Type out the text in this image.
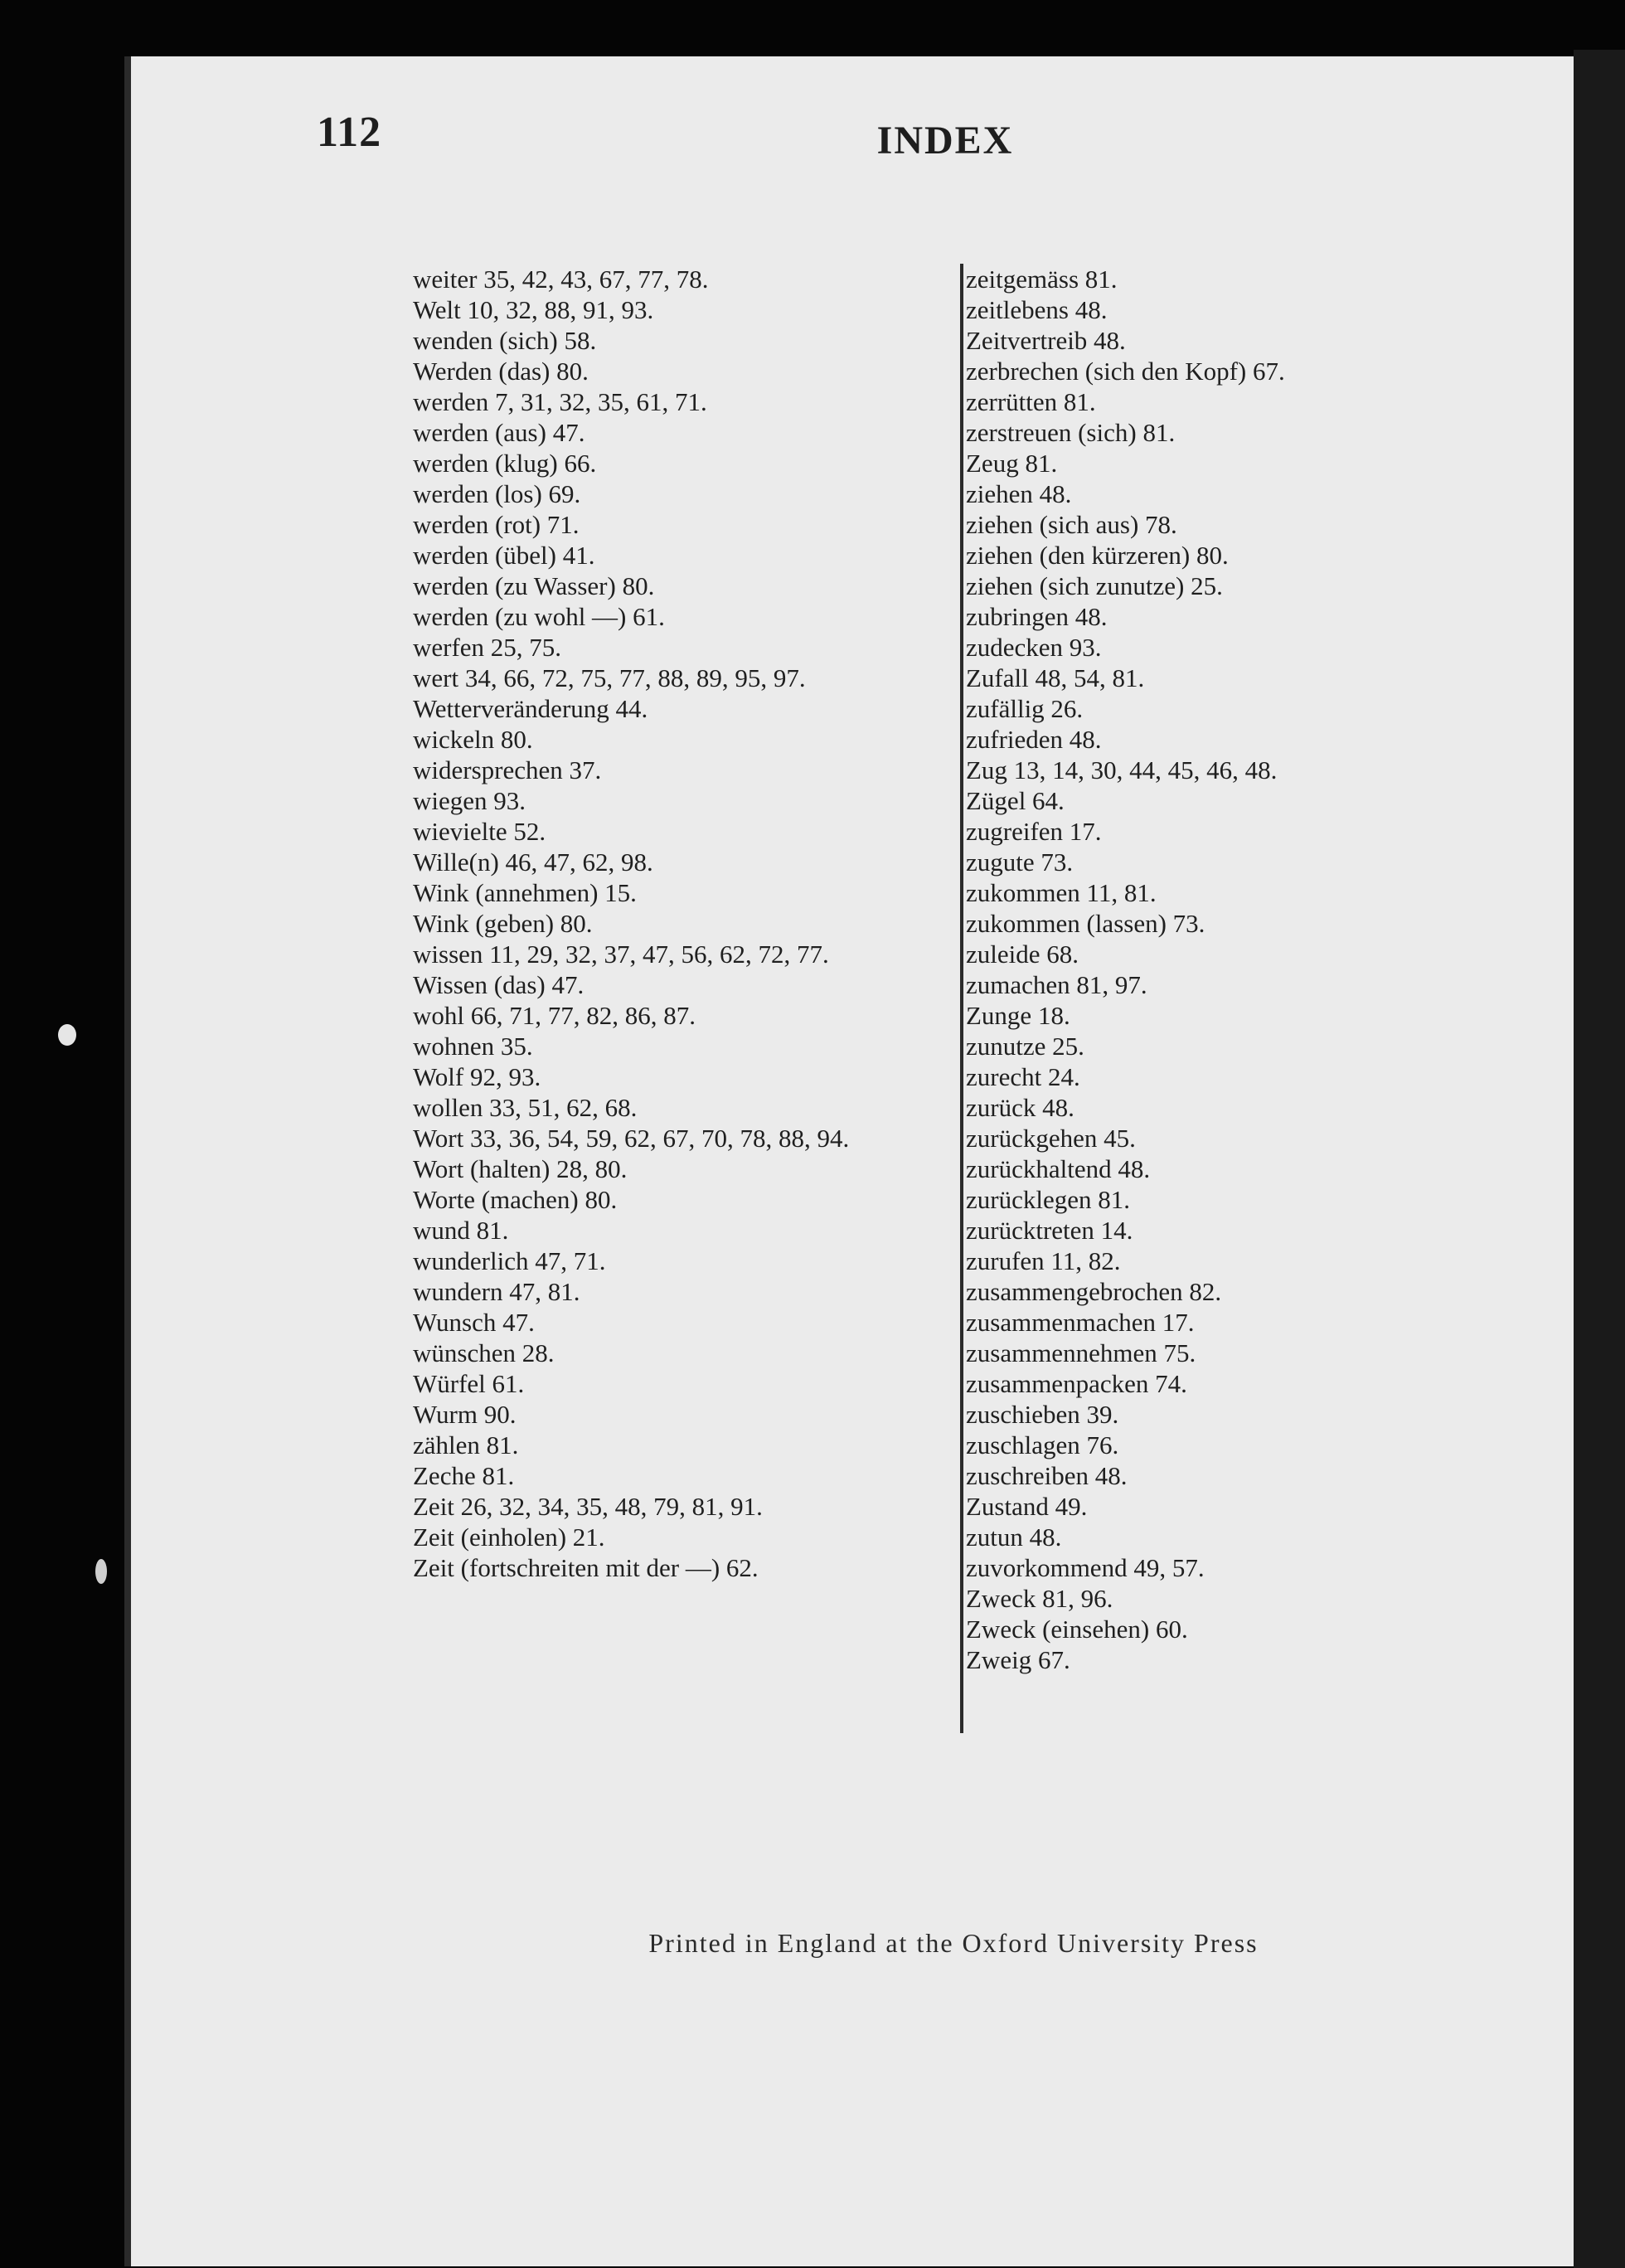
112	INDEX
weiter 35, 42, 43, 67, 77, 78.
Welt 10, 32, 88, 91, 93.
wenden (sich) 58.
Werden (das) 80.
werden 7, 31, 32, 35, 61, 71.
werden (aus) 47.
werden (klug) 66.
werden (los) 69.
werden (rot) 71.
werden (übel) 41.
werden (zu Wasser) 80.
werden (zu wohl —) 61.
werfen 25, 75.
wert 34, 66, 72, 75, 77, 88, 89, 95, 97.
Wetterveränderung 44.
wickeln 80.
widersprechen 37.
wiegen 93.
wievielte 52.
Wille(n) 46, 47, 62, 98.
Wink (annehmen) 15.
Wink (geben) 80.
wissen 11, 29, 32, 37, 47, 56, 62, 72, 77.
Wissen (das) 47.
wohl 66, 71, 77, 82, 86, 87.
wohnen 35.
Wolf 92, 93.
wollen 33, 51, 62, 68.
Wort 33, 36, 54, 59, 62, 67, 70, 78, 88, 94.
Wort (halten) 28, 80.
Worte (machen) 80.
wund 81.
wunderlich 47, 71.
wundern 47, 81.
Wunsch 47.
wünschen 28.
Würfel 61.
Wurm 90.
zählen 81.
Zeche 81.
Zeit 26, 32, 34, 35, 48, 79, 81, 91.
Zeit (einholen) 21.
Zeit (fortschreiten mit der —) 62.
zeitgemäss 81.
zeitlebens 48.
Zeitvertreib 48.
zerbrechen (sich den Kopf) 67.
zerrütten 81.
zerstreuen (sich) 81.
Zeug 81.
ziehen 48.
ziehen (sich aus) 78.
ziehen (den kürzeren) 80.
ziehen (sich zunutze) 25.
zubringen 48.
zudecken 93.
Zufall 48, 54, 81.
zufällig 26.
zufrieden 48.
Zug 13, 14, 30, 44, 45, 46, 48.
Zügel 64.
zugreifen 17.
zugute 73.
zukommen 11, 81.
zukommen (lassen) 73.
zuleide 68.
zumachen 81, 97.
Zunge 18.
zunutze 25.
zurecht 24.
zurück 48.
zurückgehen 45.
zurückhaltend 48.
zurücklegen 81.
zurücktreten 14.
zurufen 11, 82.
zusammengebrochen 82.
zusammenmachen 17.
zusammennehmen 75.
zusammenpacken 74.
zuschieben 39.
zuschlagen 76.
zuschreiben 48.
Zustand 49.
zutun 48.
zuvorkommend 49, 57.
Zweck 81, 96.
Zweck (einsehen) 60.
Zweig 67.
Printed in England at the Oxford University Press
